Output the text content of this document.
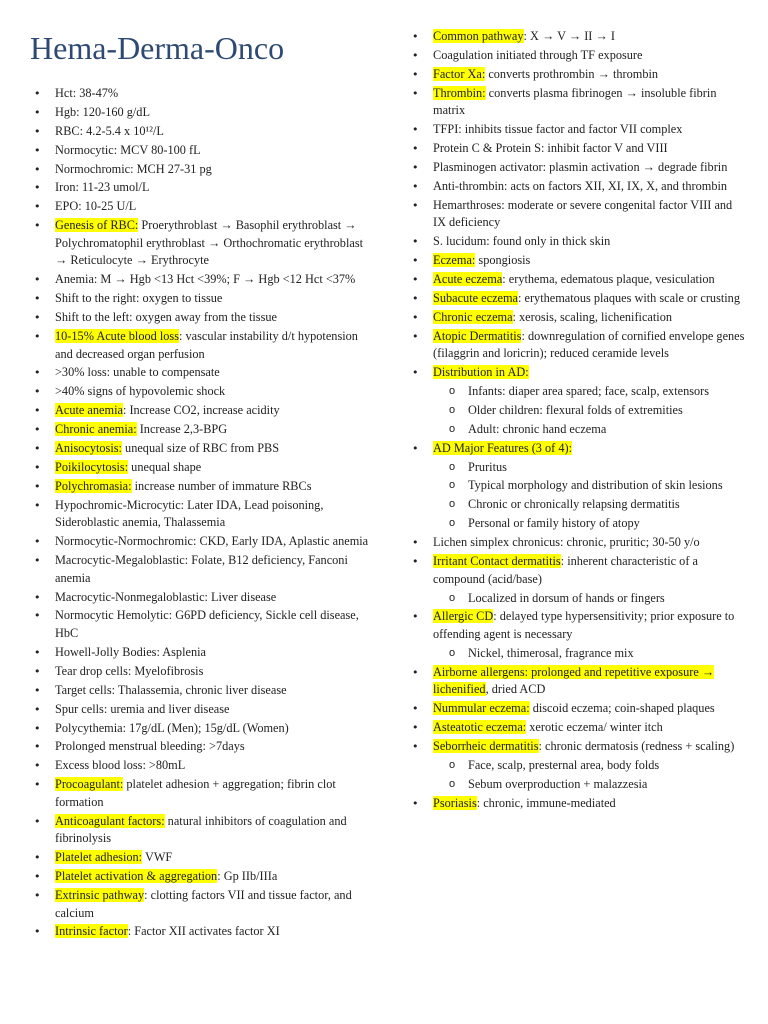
Hema-Derma-Onco
• Hct: 38-47%
• Hgb: 120-160 g/dL
• RBC: 4.2-5.4 x 10¹²/L
• Normocytic: MCV 80-100 fL
• Normochromic: MCH 27-31 pg
• Iron: 11-23 umol/L
• EPO: 10-25 U/L
• Genesis of RBC: Proerythroblast → Basophil erythroblast → Polychromatophil erythroblast → Orthochromatic erythroblast → Reticulocyte → Erythrocyte
• Anemia: M → Hgb <13 Hct <39%; F → Hgb <12 Hct <37%
• Shift to the right: oxygen to tissue
• Shift to the left: oxygen away from the tissue
• 10-15% Acute blood loss: vascular instability d/t hypotension and decreased organ perfusion
• >30% loss: unable to compensate
• >40% signs of hypovolemic shock
• Acute anemia: Increase CO2, increase acidity
• Chronic anemia: Increase 2,3-BPG
• Anisocytosis: unequal size of RBC from PBS
• Poikilocytosis: unequal shape
• Polychromasia: increase number of immature RBCs
• Hypochromic-Microcytic: Later IDA, Lead poisoning, Sideroblastic anemia, Thalassemia
• Normocytic-Normochromic: CKD, Early IDA, Aplastic anemia
• Macrocytic-Megaloblastic: Folate, B12 deficiency, Fanconi anemia
• Macrocytic-Nonmegaloblastic: Liver disease
• Normocytic Hemolytic: G6PD deficiency, Sickle cell disease, HbC
• Howell-Jolly Bodies: Asplenia
• Tear drop cells: Myelofibrosis
• Target cells: Thalassemia, chronic liver disease
• Spur cells: uremia and liver disease
• Polycythemia: 17g/dL (Men); 15g/dL (Women)
• Prolonged menstrual bleeding: >7days
• Excess blood loss: >80mL
• Procoagulant: platelet adhesion + aggregation; fibrin clot formation
• Anticoagulant factors: natural inhibitors of coagulation and fibrinolysis
• Platelet adhesion: VWF
• Platelet activation & aggregation: Gp IIb/IIIa
• Extrinsic pathway: clotting factors VII and tissue factor, and calcium
• Intrinsic factor: Factor XII activates factor XI
• Common pathway: X → V → II → I
• Coagulation initiated through TF exposure
• Factor Xa: converts prothrombin → thrombin
• Thrombin: converts plasma fibrinogen → insoluble fibrin matrix
• TFPI: inhibits tissue factor and factor VII complex
• Protein C & Protein S: inhibit factor V and VIII
• Plasminogen activator: plasmin activation → degrade fibrin
• Anti-thrombin: acts on factors XII, XI, IX, X, and thrombin
• Hemarthroses: moderate or severe congenital factor VIII and IX deficiency
• S. lucidum: found only in thick skin
• Eczema: spongiosis
• Acute eczema: erythema, edematous plaque, vesiculation
• Subacute eczema: erythematous plaques with scale or crusting
• Chronic eczema: xerosis, scaling, lichenification
• Atopic Dermatitis: downregulation of cornified envelope genes (filaggrin and loricrin); reduced ceramide levels
• Distribution in AD:
o Infants: diaper area spared; face, scalp, extensors
o Older children: flexural folds of extremities
o Adult: chronic hand eczema
• AD Major Features (3 of 4):
o Pruritus
o Typical morphology and distribution of skin lesions
o Chronic or chronically relapsing dermatitis
o Personal or family history of atopy
• Lichen simplex chronicus: chronic, pruritic; 30-50 y/o
• Irritant Contact dermatitis: inherent characteristic of a compound (acid/base)
o Localized in dorsum of hands or fingers
• Allergic CD: delayed type hypersensitivity; prior exposure to offending agent is necessary
o Nickel, thimerosal, fragrance mix
• Airborne allergens: prolonged and repetitive exposure → lichenified, dried ACD
• Nummular eczema: discoid eczema; coin-shaped plaques
• Asteatotic eczema: xerotic eczema/ winter itch
• Seborrheic dermatitis: chronic dermatosis (redness + scaling)
o Face, scalp, presternal area, body folds
o Sebum overproduction + malazzesia
• Psoriasis: chronic, immune-mediated
